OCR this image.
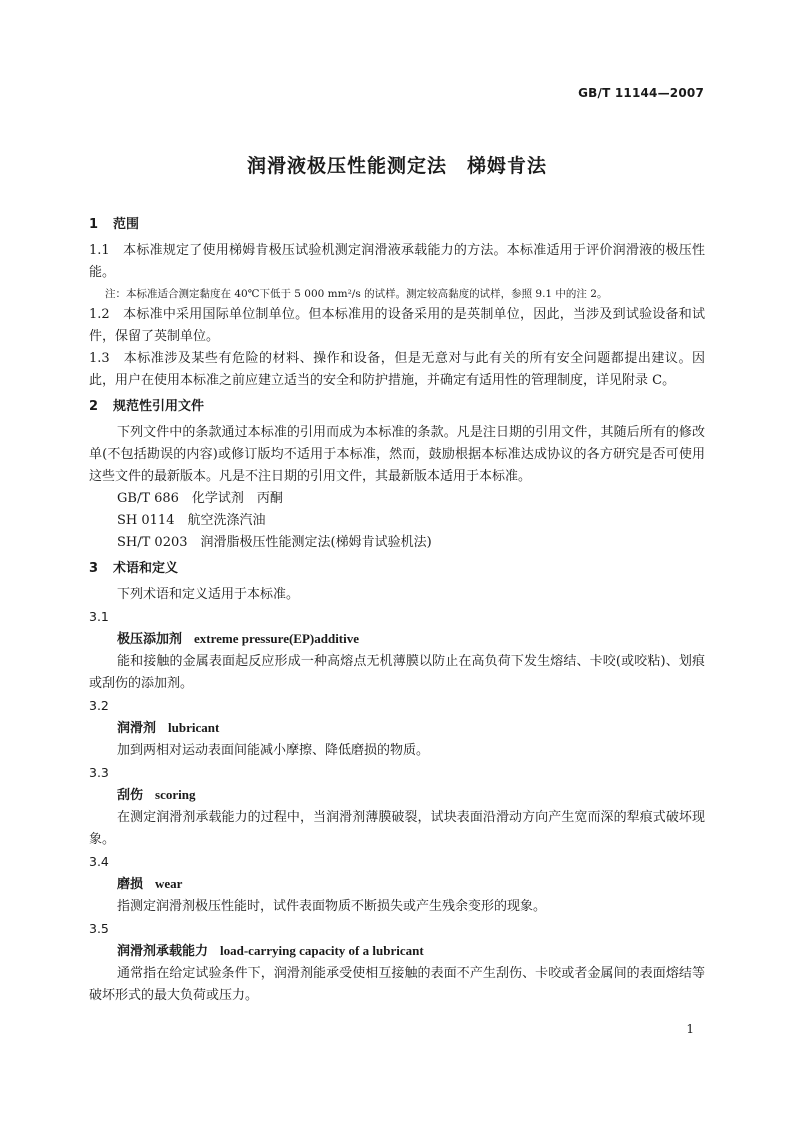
GB/T 11144—2007
润滑液极压性能测定法　梯姆肯法
1 范围

1.1　本标准规定了使用梯姆肯极压试验机测定润滑液承载能力的方法。本标准适用于评价润滑液的极压性能。

注：本标准适合测定黏度在 40℃下低于 5 000 mm²/s 的试样。测定较高黏度的试样，参照 9.1 中的注 2。

1.2　本标准中采用国际单位制单位。但本标准用的设备采用的是英制单位，因此，当涉及到试验设备和试件，保留了英制单位。

1.3　本标准涉及某些有危险的材料、操作和设备，但是无意对与此有关的所有安全问题都提出建议。因此，用户在使用本标准之前应建立适当的安全和防护措施，并确定有适用性的管理制度，详见附录 C。

2 规范性引用文件

下列文件中的条款通过本标准的引用而成为本标准的条款。凡是注日期的引用文件，其随后所有的修改单(不包括勘误的内容)或修订版均不适用于本标准，然而，鼓励根据本标准达成协议的各方研究是否可使用这些文件的最新版本。凡是不注日期的引用文件，其最新版本适用于本标准。

GB/T 686　化学试剂　丙酮

SH 0114　航空洗涤汽油

SH/T 0203　润滑脂极压性能测定法(梯姆肯试验机法)

3 术语和定义

下列术语和定义适用于本标准。

3.1

极压添加剂 extreme pressure(EP)additive

能和接触的金属表面起反应形成一种高熔点无机薄膜以防止在高负荷下发生熔结、卡咬(或咬粘)、划痕或刮伤的添加剂。

3.2

润滑剂 lubricant

加到两相对运动表面间能减小摩擦、降低磨损的物质。

3.3

刮伤 scoring

在测定润滑剂承载能力的过程中，当润滑剂薄膜破裂，试块表面沿滑动方向产生宽而深的犁痕式破坏现象。

3.4

磨损 wear

指测定润滑剂极压性能时，试件表面物质不断损失或产生残余变形的现象。

3.5

润滑剂承载能力 load-carrying capacity of a lubricant

通常指在给定试验条件下，润滑剂能承受使相互接触的表面不产生刮伤、卡咬或者金属间的表面熔结等破坏形式的最大负荷或压力。

1
